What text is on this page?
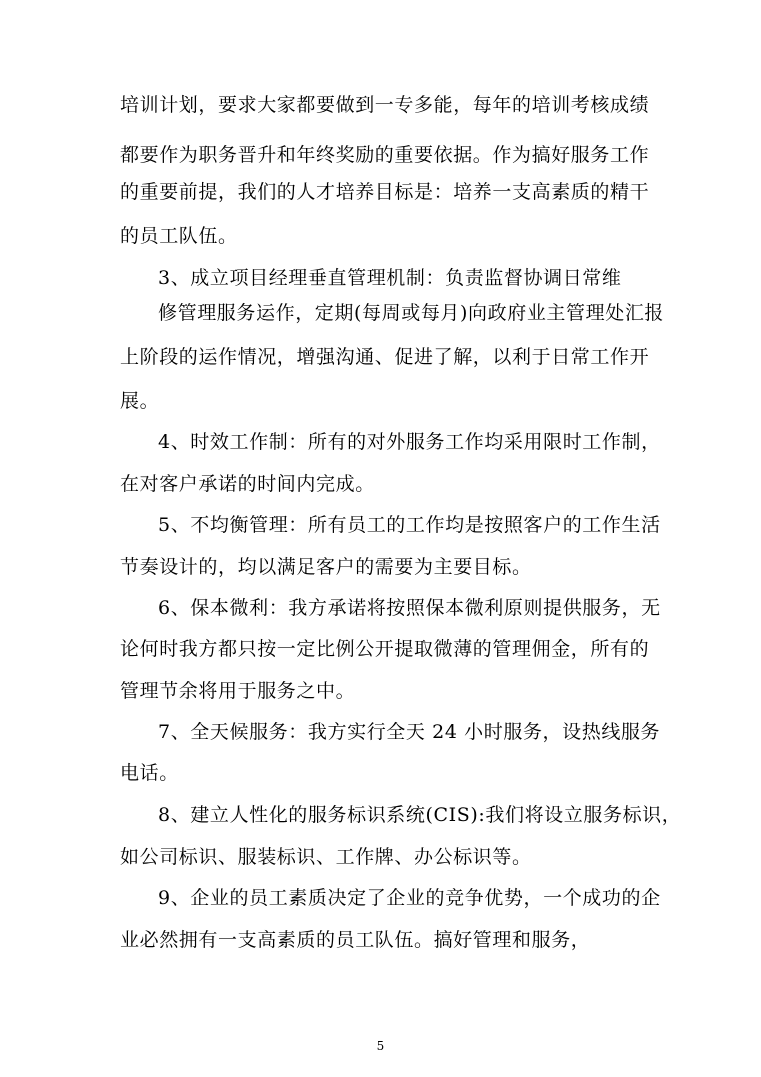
培训计划，要求大家都要做到一专多能，每年的培训考核成绩
都要作为职务晋升和年终奖励的重要依据。作为搞好服务工作
的重要前提，我们的人才培养目标是：培养一支高素质的精干
的员工队伍。
3、成立项目经理垂直管理机制：负责监督协调日常维
修管理服务运作，定期(每周或每月)向政府业主管理处汇报
上阶段的运作情况，增强沟通、促进了解，以利于日常工作开
展。
4、时效工作制：所有的对外服务工作均采用限时工作制，
在对客户承诺的时间内完成。
5、不均衡管理：所有员工的工作均是按照客户的工作生活
节奏设计的，均以满足客户的需要为主要目标。
6、保本微利：我方承诺将按照保本微利原则提供服务，无
论何时我方都只按一定比例公开提取微薄的管理佣金，所有的
管理节余将用于服务之中。
7、全天候服务：我方实行全天 24 小时服务，设热线服务
电话。
8、建立人性化的服务标识系统(CIS):我们将设立服务标识，
如公司标识、服装标识、工作牌、办公标识等。
9、企业的员工素质决定了企业的竞争优势，一个成功的企
业必然拥有一支高素质的员工队伍。搞好管理和服务，
5
